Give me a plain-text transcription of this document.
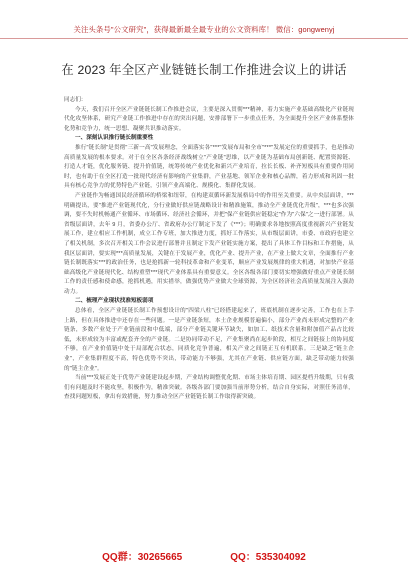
关注头条号"公文研究"，获得最新最全最专业的公文资料库！ 微信：gongwenyj
在 2023 年全区产业链链长制工作推进会议上的讲话

同志们：

今天，我们召开全区产业链链长制工作推进会议，主要是深入贯彻***精神，着力实施产业基础高级化产业链现代化攻坚体系，研究产业链工作推进中存在的突出问题，安排部署下一步重点任务，为全面提升全区产业体系整体化势和竞争力，统一思想、凝聚共识推动落实。

一、深刻认识推行链长制重要性

推行"链长制"是贯彻"三新一高"发展理念，全面落实各"***"发展布局和全市"***"发展定位的重要抓手，也是推动高质量发展的根本要求。对于在全区各条经济战线树立"产业链"思维，以产业链为基础布局创新链、配置资源链、打造人才链，优化服务链、提升价值链，统筹传统产业优化和新兴产业培育，拉长长板、补齐短板具有重要作用同时，也有助于在全区打造一批现代经济有影响的产业集群，产业基地、领军企业和核心品牌，着力形成和巩固一批具有核心竞争力的优势特色产业链，引领产业高端化、规模化、集群化发展。

产业链作为畅通国民经济循环的桥梁和纽带，在构建双循环新发展格局中的作用至关重要。从中央层面讲，***明确提出，要"推进产业链现代化，分行业做好供应链战略设计和精准施策，推动全产业链优化升级"，***也多次强调，要不失时机畅通产业循环、市场循环、经济社会循环，并把"保产业链供应链稳定"作为"六保"之一进行部署。从省级层面讲，去年 9 月，省委办公厅、省政府办公厅制定下发了《***》；明确要求各地按照高度重视新兴产业链发展工作，建立相应工作机制，成立工作专班，加大推进力度，抓好工作落实，从市级层面讲，市委、市政府也建立了相关机制，多次召开相关工作会议进行部署并且制定下发产业链实施方案，提出了具体工作目标和工作措施，从我区层面讲，要实现***高质量发展，关键在于发展产业，优化产业、提升产业，在产业上做大文章，全面推行产业链长制既落实***的政治任务，也是抢抓新一轮科技革命和产业变革，顺应产业发展规律的重大机遇，对加快产业基础高级化产业链现代化、结构重塑***现代产业体系具有重要意义。全区各级各部门要切实增强做好重点产业链长制工作的责任感和使命感，抢抓机遇，用实措举，做强优势产业做大全球资源，为全区经济社会高质量发展注入强劲动力。

二、梳理产业现状找准短板弱项

总体看，全区产业链链长制工作预想设计的"四梁八柱"已经搭建起来了，班底机制在逐步完善，工作也在上手上路，但在具体推进中还存在一些问题。一是产业链条短，本土企业规模普遍偏小，部分产业尚未形成完整的产业链条，多数产业处于产业链前段和中低端，部分产业链关键环节缺失，如加工、纸技术含量和附加值产品占比较低，未形成较为丰富或配套齐全的产业链。二是协同带动不足，产业集聚尚在起步阶段，相互之间链接上的协同度不够，在产业价值链中处于局部配合状态，同质化竞争普遍，相关产业之间链正互有机联系。三是缺乏"链主企业"，产业集群程度不高，特色优势不突出，带动能力不够强，尤其在产业链、供应链方面，缺乏带动能力较强的"链主企业"。

当前***发展正处于优势产业链建设起步期，产业结构调整优化期、市场主体培育期、园区提档升级期，只有我们有问题及时不能攻坚，积极作为，精准突破。各级各部门要加强当前形势分析，结合自身实际，对照任务清单，查找问题短板，拿出有效措施，努力推动全区产业链链长制工作取得新突破。

QQ群：30265665	QQ：535304092
